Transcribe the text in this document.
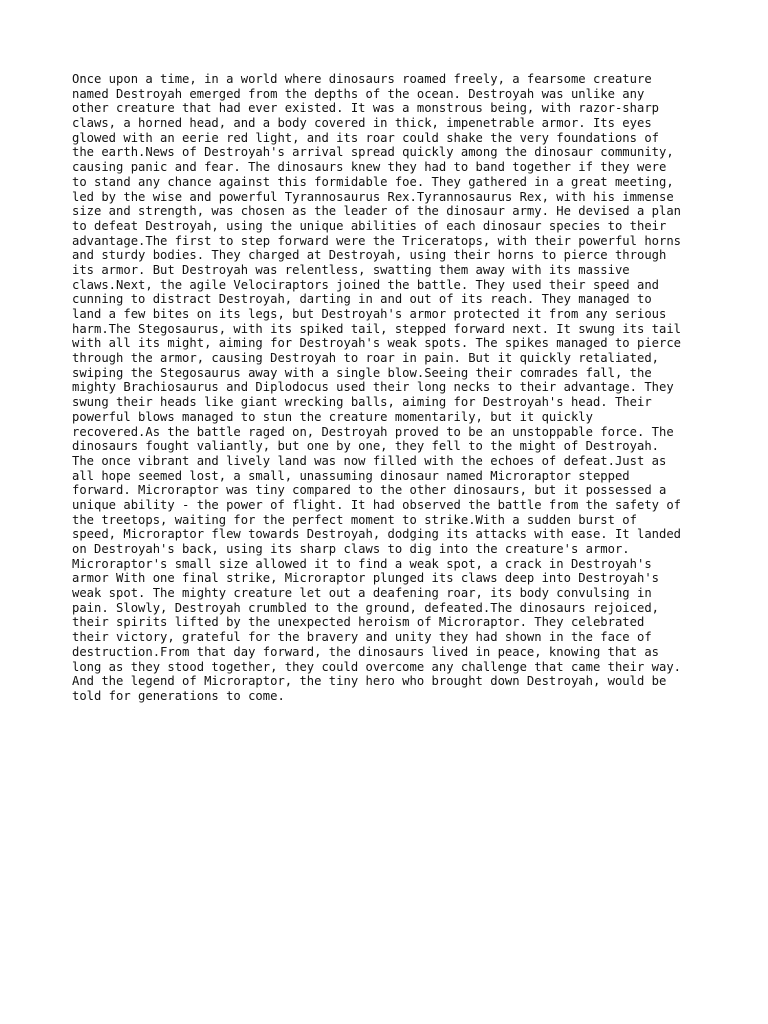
Once upon a time, in a world where dinosaurs roamed freely, a fearsome creature
named Destroyah emerged from the depths of the ocean. Destroyah was unlike any
other creature that had ever existed. It was a monstrous being, with razor-sharp
claws, a horned head, and a body covered in thick, impenetrable armor. Its eyes
glowed with an eerie red light, and its roar could shake the very foundations of
the earth.News of Destroyah's arrival spread quickly among the dinosaur community,
causing panic and fear. The dinosaurs knew they had to band together if they were
to stand any chance against this formidable foe. They gathered in a great meeting,
led by the wise and powerful Tyrannosaurus Rex.Tyrannosaurus Rex, with his immense
size and strength, was chosen as the leader of the dinosaur army. He devised a plan
to defeat Destroyah, using the unique abilities of each dinosaur species to their
advantage.The first to step forward were the Triceratops, with their powerful horns
and sturdy bodies. They charged at Destroyah, using their horns to pierce through
its armor. But Destroyah was relentless, swatting them away with its massive
claws.Next, the agile Velociraptors joined the battle. They used their speed and
cunning to distract Destroyah, darting in and out of its reach. They managed to
land a few bites on its legs, but Destroyah's armor protected it from any serious
harm.The Stegosaurus, with its spiked tail, stepped forward next. It swung its tail
with all its might, aiming for Destroyah's weak spots. The spikes managed to pierce
through the armor, causing Destroyah to roar in pain. But it quickly retaliated,
swiping the Stegosaurus away with a single blow.Seeing their comrades fall, the
mighty Brachiosaurus and Diplodocus used their long necks to their advantage. They
swung their heads like giant wrecking balls, aiming for Destroyah's head. Their
powerful blows managed to stun the creature momentarily, but it quickly
recovered.As the battle raged on, Destroyah proved to be an unstoppable force. The
dinosaurs fought valiantly, but one by one, they fell to the might of Destroyah.
The once vibrant and lively land was now filled with the echoes of defeat.Just as
all hope seemed lost, a small, unassuming dinosaur named Microraptor stepped
forward. Microraptor was tiny compared to the other dinosaurs, but it possessed a
unique ability - the power of flight. It had observed the battle from the safety of
the treetops, waiting for the perfect moment to strike.With a sudden burst of
speed, Microraptor flew towards Destroyah, dodging its attacks with ease. It landed
on Destroyah's back, using its sharp claws to dig into the creature's armor.
Microraptor's small size allowed it to find a weak spot, a crack in Destroyah's
armor With one final strike, Microraptor plunged its claws deep into Destroyah's
weak spot. The mighty creature let out a deafening roar, its body convulsing in
pain. Slowly, Destroyah crumbled to the ground, defeated.The dinosaurs rejoiced,
their spirits lifted by the unexpected heroism of Microraptor. They celebrated
their victory, grateful for the bravery and unity they had shown in the face of
destruction.From that day forward, the dinosaurs lived in peace, knowing that as
long as they stood together, they could overcome any challenge that came their way.
And the legend of Microraptor, the tiny hero who brought down Destroyah, would be
told for generations to come.
